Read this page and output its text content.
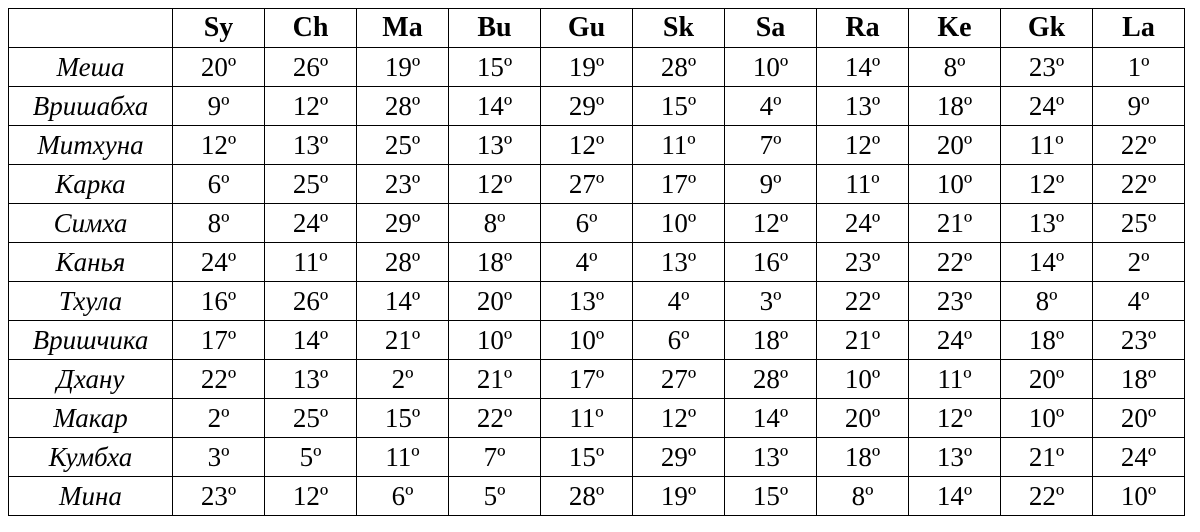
	Sy	Ch	Ma	Bu	Gu	Sk	Sa	Ra	Ke	Gk	La
Меша	20º	26º	19º	15º	19º	28º	10º	14º	8º	23º	1º
Вришабха	9º	12º	28º	14º	29º	15º	4º	13º	18º	24º	9º
Митхуна	12º	13º	25º	13º	12º	11º	7º	12º	20º	11º	22º
Карка	6º	25º	23º	12º	27º	17º	9º	11º	10º	12º	22º
Симха	8º	24º	29º	8º	6º	10º	12º	24º	21º	13º	25º
Канья	24º	11º	28º	18º	4º	13º	16º	23º	22º	14º	2º
Тхула	16º	26º	14º	20º	13º	4º	3º	22º	23º	8º	4º
Вришчика	17º	14º	21º	10º	10º	6º	18º	21º	24º	18º	23º
Дхану	22º	13º	2º	21º	17º	27º	28º	10º	11º	20º	18º
Макар	2º	25º	15º	22º	11º	12º	14º	20º	12º	10º	20º
Кумбха	3º	5º	11º	7º	15º	29º	13º	18º	13º	21º	24º
Мина	23º	12º	6º	5º	28º	19º	15º	8º	14º	22º	10º
